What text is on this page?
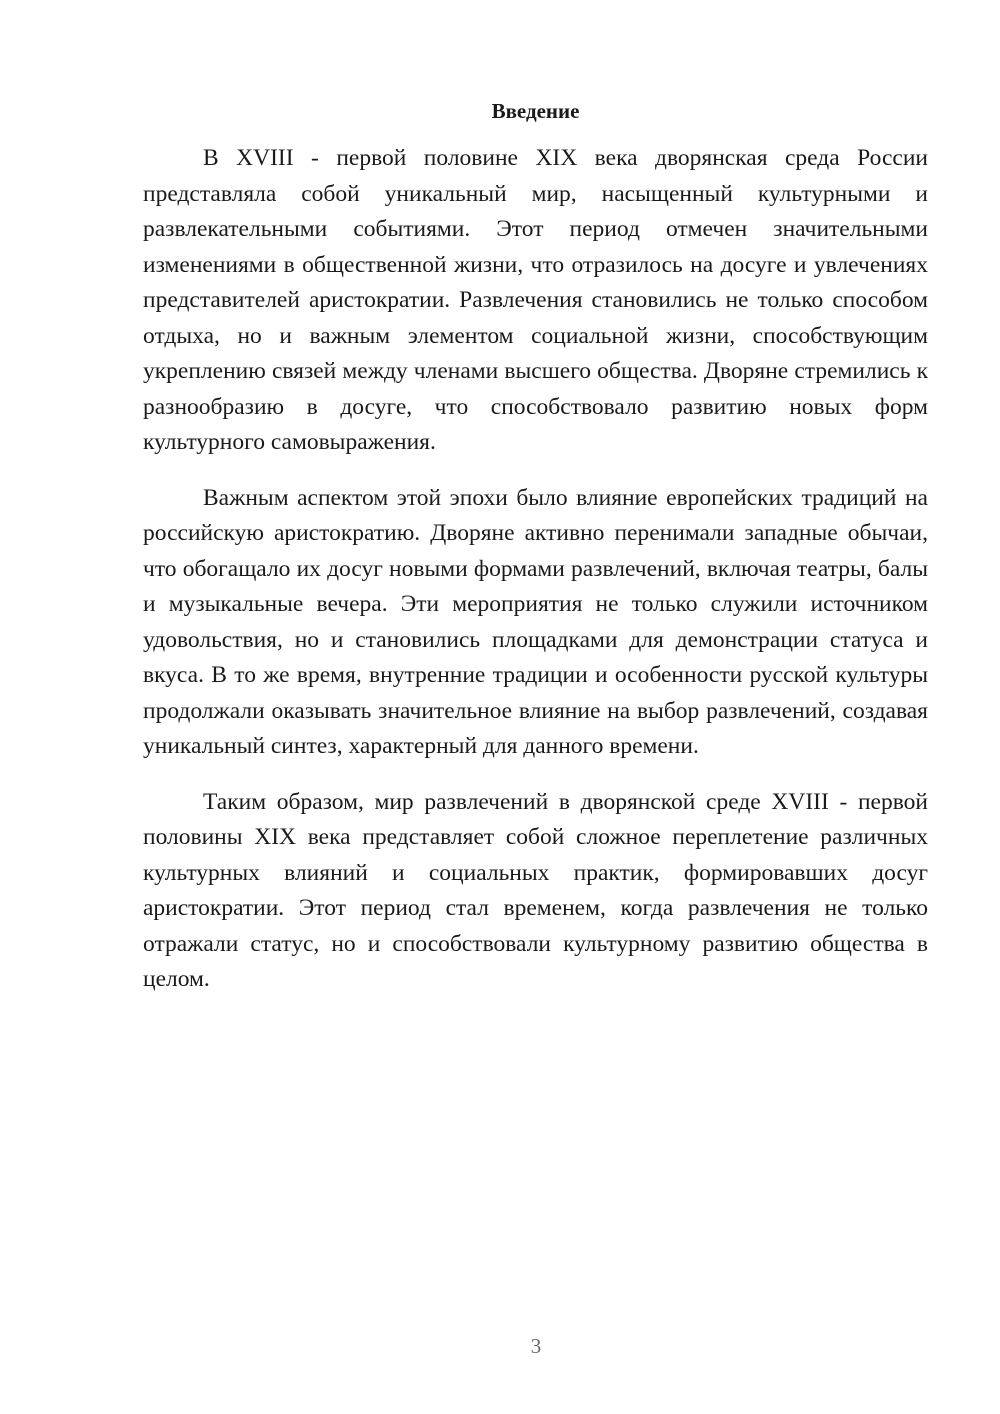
Введение

В XVIII - первой половине XIX века дворянская среда России представляла собой уникальный мир, насыщенный культурными и развлекательными событиями. Этот период отмечен значительными изменениями в общественной жизни, что отразилось на досуге и увлечениях представителей аристократии. Развлечения становились не только способом отдыха, но и важным элементом социальной жизни, способствующим укреплению связей между членами высшего общества. Дворяне стремились к разнообразию в досуге, что способствовало развитию новых форм культурного самовыражения.

Важным аспектом этой эпохи было влияние европейских традиций на российскую аристократию. Дворяне активно перенимали западные обычаи, что обогащало их досуг новыми формами развлечений, включая театры, балы и музыкальные вечера. Эти мероприятия не только служили источником удовольствия, но и становились площадками для демонстрации статуса и вкуса. В то же время, внутренние традиции и особенности русской культуры продолжали оказывать значительное влияние на выбор развлечений, создавая уникальный синтез, характерный для данного времени.

Таким образом, мир развлечений в дворянской среде XVIII - первой половины XIX века представляет собой сложное переплетение различных культурных влияний и социальных практик, формировавших досуг аристократии. Этот период стал временем, когда развлечения не только отражали статус, но и способствовали культурному развитию общества в целом.

3
